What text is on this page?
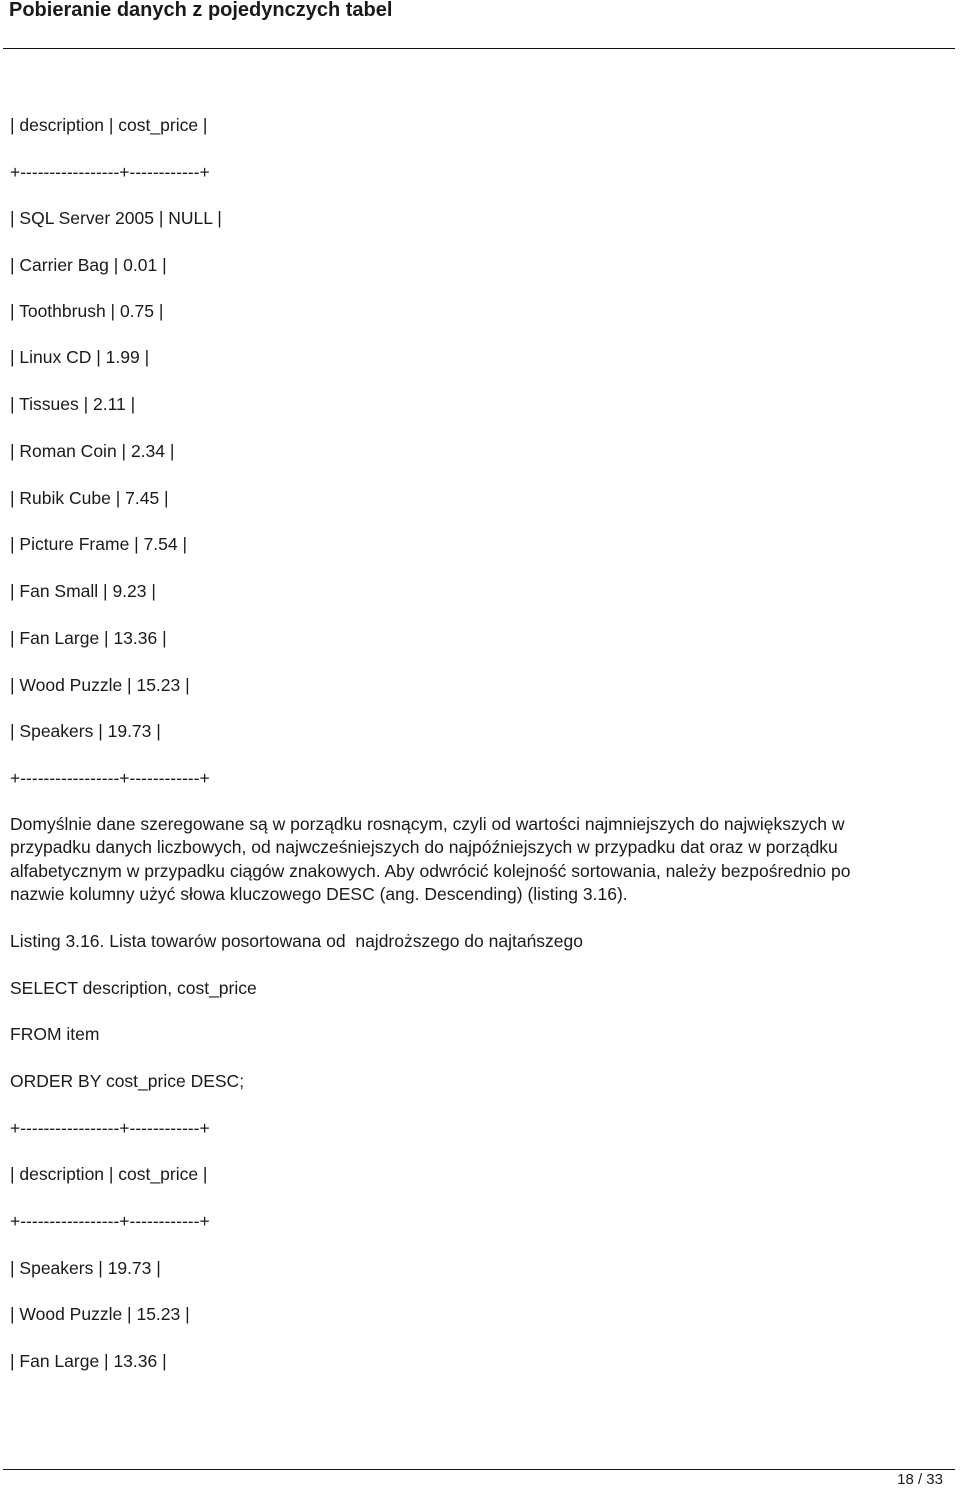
Pobieranie danych z pojedynczych tabel
| description | cost_price |
+-----------------+------------+
| SQL Server 2005 | NULL |
| Carrier Bag | 0.01 |
| Toothbrush | 0.75 |
| Linux CD | 1.99 |
| Tissues | 2.11 |
| Roman Coin | 2.34 |
| Rubik Cube | 7.45 |
| Picture Frame | 7.54 |
| Fan Small | 9.23 |
| Fan Large | 13.36 |
| Wood Puzzle | 15.23 |
| Speakers | 19.73 |
+-----------------+------------+
Domyślnie dane szeregowane są w porządku rosnącym, czyli od wartości najmniejszych do największych w
przypadku danych liczbowych, od najwcześniejszych do najpóźniejszych w przypadku dat oraz w porządku
alfabetycznym w przypadku ciągów znakowych. Aby odwrócić kolejność sortowania, należy bezpośrednio po
nazwie kolumny użyć słowa kluczowego DESC (ang. Descending) (listing 3.16).
Listing 3.16. Lista towarów posortowana od  najdroższego do najtańszego
SELECT description, cost_price
FROM item
ORDER BY cost_price DESC;
+-----------------+------------+
| description | cost_price |
+-----------------+------------+
| Speakers | 19.73 |
| Wood Puzzle | 15.23 |
| Fan Large | 13.36 |
18 / 33
